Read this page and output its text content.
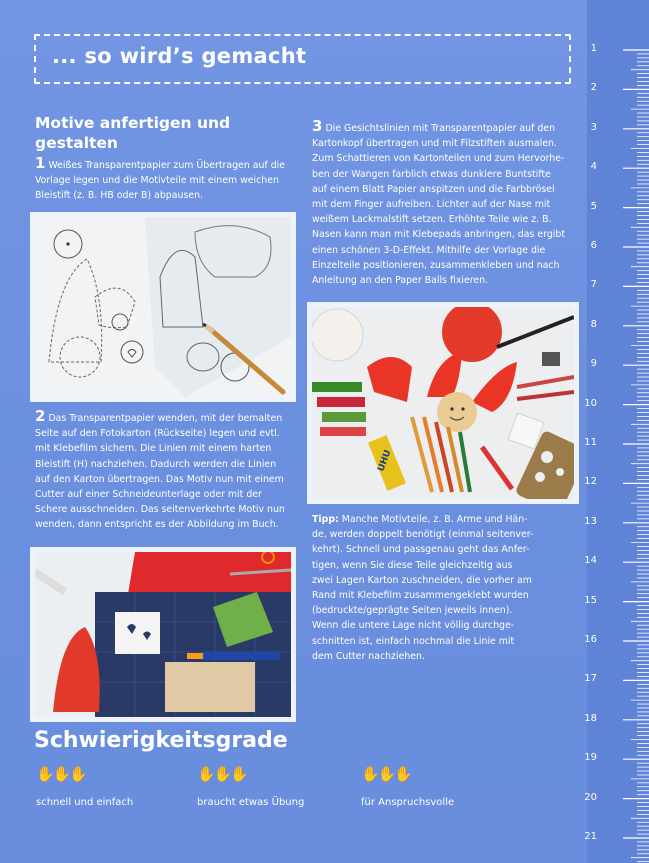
... so wird’s gemacht
Motive anfertigen und
gestalten
1 Weißes Transparentpapier zum Übertragen auf die
Vorlage legen und die Motivteile mit einem weichen
Bleistift (z. B. HB oder B) abpausen.
2 Das Transparentpapier wenden, mit der bemalten
Seite auf den Fotokarton (Rückseite) legen und evtl.
mit Klebefilm sichern. Die Linien mit einem harten
Bleistift (H) nachziehen. Dadurch werden die Linien
auf den Karton übertragen. Das Motiv nun mit einem
Cutter auf einer Schneideunterlage oder mit der
Schere ausschneiden. Das seitenverkehrte Motiv nun
wenden, dann entspricht es der Abbildung im Buch.
3 Die Gesichtslinien mit Transparentpapier auf den
Kartonkopf übertragen und mit Filzstiften ausmalen.
Zum Schattieren von Kartonteilen und zum Hervorhe-
ben der Wangen farblich etwas dunklere Buntstifte
auf einem Blatt Papier anspitzen und die Farbbrösel
mit dem Finger aufreiben. Lichter auf der Nase mit
weißem Lackmalstift setzen. Erhöhte Teile wie z. B.
Nasen kann man mit Klebepads anbringen, das ergibt
einen schönen 3-D-Effekt. Mithilfe der Vorlage die
Einzelteile positionieren, zusammenkleben und nach
Anleitung an den Paper Balls fixieren.
UHU
Tipp: Manche Motivteile, z. B. Arme und Hän-
de, werden doppelt benötigt (einmal seitenver-
kehrt). Schnell und passgenau geht das Anfer-
tigen, wenn Sie diese Teile gleichzeitig aus
zwei Lagen Karton zuschneiden, die vorher am
Rand mit Klebefilm zusammengeklebt wurden
(bedruckte/geprägte Seiten jeweils innen).
Wenn die untere Lage nicht völlig durchge-
schnitten ist, einfach nochmal die Linie mit
dem Cutter nachziehen.
Schwierigkeitsgrade
✋✋✋
schnell und einfach
✋✋✋
braucht etwas Übung
✋✋✋
für Anspruchsvolle
1
2
3
4
5
6
7
8
9
10
11
12
13
14
15
16
17
18
19
20
21
